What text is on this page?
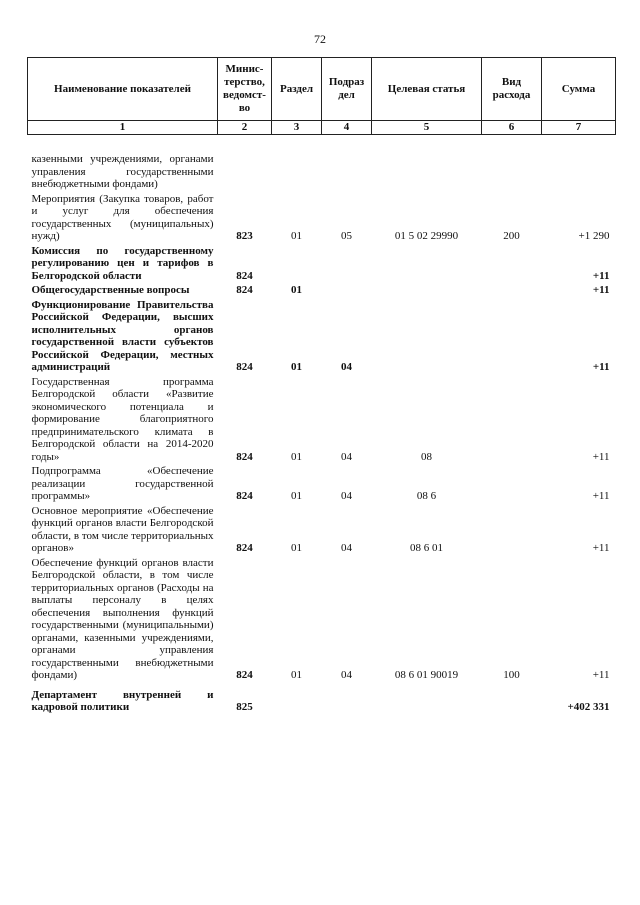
72
Наименование показателей	Минис-терство, ведомст-во	Раздел	Подраз дел	Целевая статья	Вид расхода	Сумма
1	2	3	4	5	6	7
казенными учреждениями, органами управления государственными внебюджетными фондами)						
Мероприятия (Закупка товаров, работ и услуг для обеспечения государственных (муниципальных) нужд)	823	01	05	01 5 02 29990	200	+1 290
Комиссия по государственному регулированию цен и тарифов в Белгородской области	824					+11
Общегосударственные вопросы	824	01				+11
Функционирование Правительства Российской Федерации, высших исполнительных органов государственной власти субъектов Российской Федерации, местных администраций	824	01	04			+11
Государственная программа Белгородской области «Развитие экономического потенциала и формирование благоприятного предпринимательского климата в Белгородской области на 2014-2020 годы»	824	01	04	08		+11
Подпрограмма «Обеспечение реализации государственной программы»	824	01	04	08 6		+11
Основное мероприятие «Обеспечение функций органов власти Белгородской области, в том числе территориальных органов»	824	01	04	08 6 01		+11
Обеспечение функций органов власти Белгородской области, в том числе территориальных органов (Расходы на выплаты персоналу в целях обеспечения выполнения функций государственными (муниципальными) органами, казенными учреждениями, органами управления государственными внебюджетными фондами)	824	01	04	08 6 01 90019	100	+11
Департамент внутренней и кадровой политики	825					+402 331
